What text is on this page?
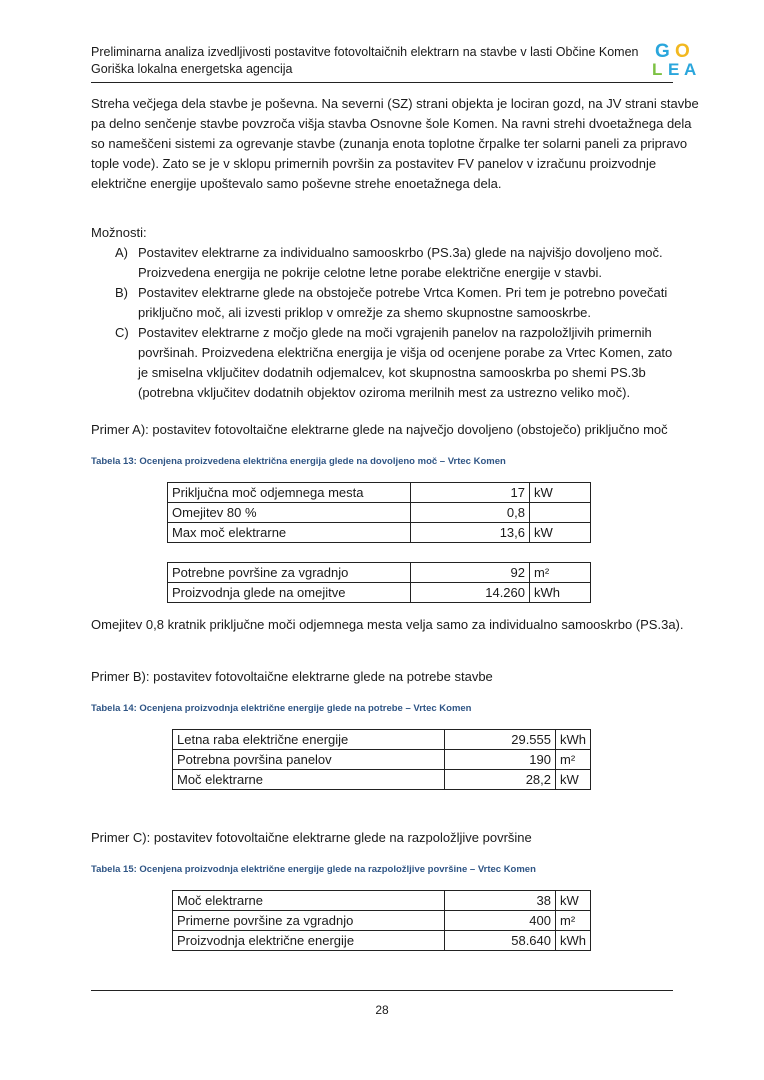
Preliminarna analiza izvedljivosti postavitve fotovoltaičnih elektrarn na stavbe v lasti Občine Komen
Goriška lokalna energetska agencija
G O
L E A
Streha večjega dela stavbe je poševna. Na severni (SZ) strani objekta je lociran gozd, na JV strani stavbe
pa delno senčenje stavbe povzroča višja stavba Osnovne šole Komen. Na ravni strehi dvoetažnega dela
so nameščeni sistemi za ogrevanje stavbe (zunanja enota toplotne črpalke ter solarni paneli za pripravo
tople vode). Zato se je v sklopu primernih površin za postavitev FV panelov v izračunu proizvodnje
električne energije upoštevalo samo poševne strehe enoetažnega dela.
Možnosti:
A) Postavitev elektrarne za individualno samooskrbo (PS.3a) glede na najvišjo dovoljeno moč.
Proizvedena energija ne pokrije celotne letne porabe električne energije v stavbi.
B) Postavitev elektrarne glede na obstoječe potrebe Vrtca Komen. Pri tem je potrebno povečati
priključno moč, ali izvesti priklop v omrežje za shemo skupnostne samooskrbe.
C) Postavitev elektrarne z močjo glede na moči vgrajenih panelov na razpoložljivih primernih
površinah. Proizvedena električna energija je višja od ocenjene porabe za Vrtec Komen, zato
je smiselna vključitev dodatnih odjemalcev, kot skupnostna samooskrba po shemi PS.3b
(potrebna vključitev dodatnih objektov oziroma merilnih mest za ustrezno veliko moč).
Primer A): postavitev fotovoltaične elektrarne glede na največjo dovoljeno (obstoječo) priključno moč
Tabela 13: Ocenjena proizvedena električna energija glede na dovoljeno moč – Vrtec Komen
Priključna moč odjemnega mesta	17	kW
Omejitev 80 %	0,8	
Max moč elektrarne	13,6	kW
Potrebne površine za vgradnjo	92	m²
Proizvodnja glede na omejitve	14.260	kWh
Omejitev 0,8 kratnik priključne moči odjemnega mesta velja samo za individualno samooskrbo (PS.3a).
Primer B): postavitev fotovoltaične elektrarne glede na potrebe stavbe
Tabela 14: Ocenjena proizvodnja električne energije glede na potrebe – Vrtec Komen
Letna raba električne energije	29.555	kWh
Potrebna površina panelov	190	m²
Moč elektrarne	28,2	kW
Primer C): postavitev fotovoltaične elektrarne glede na razpoložljive površine
Tabela 15: Ocenjena proizvodnja električne energije glede na razpoložljive površine – Vrtec Komen
Moč elektrarne	38	kW
Primerne površine za vgradnjo	400	m²
Proizvodnja električne energije	58.640	kWh
28
